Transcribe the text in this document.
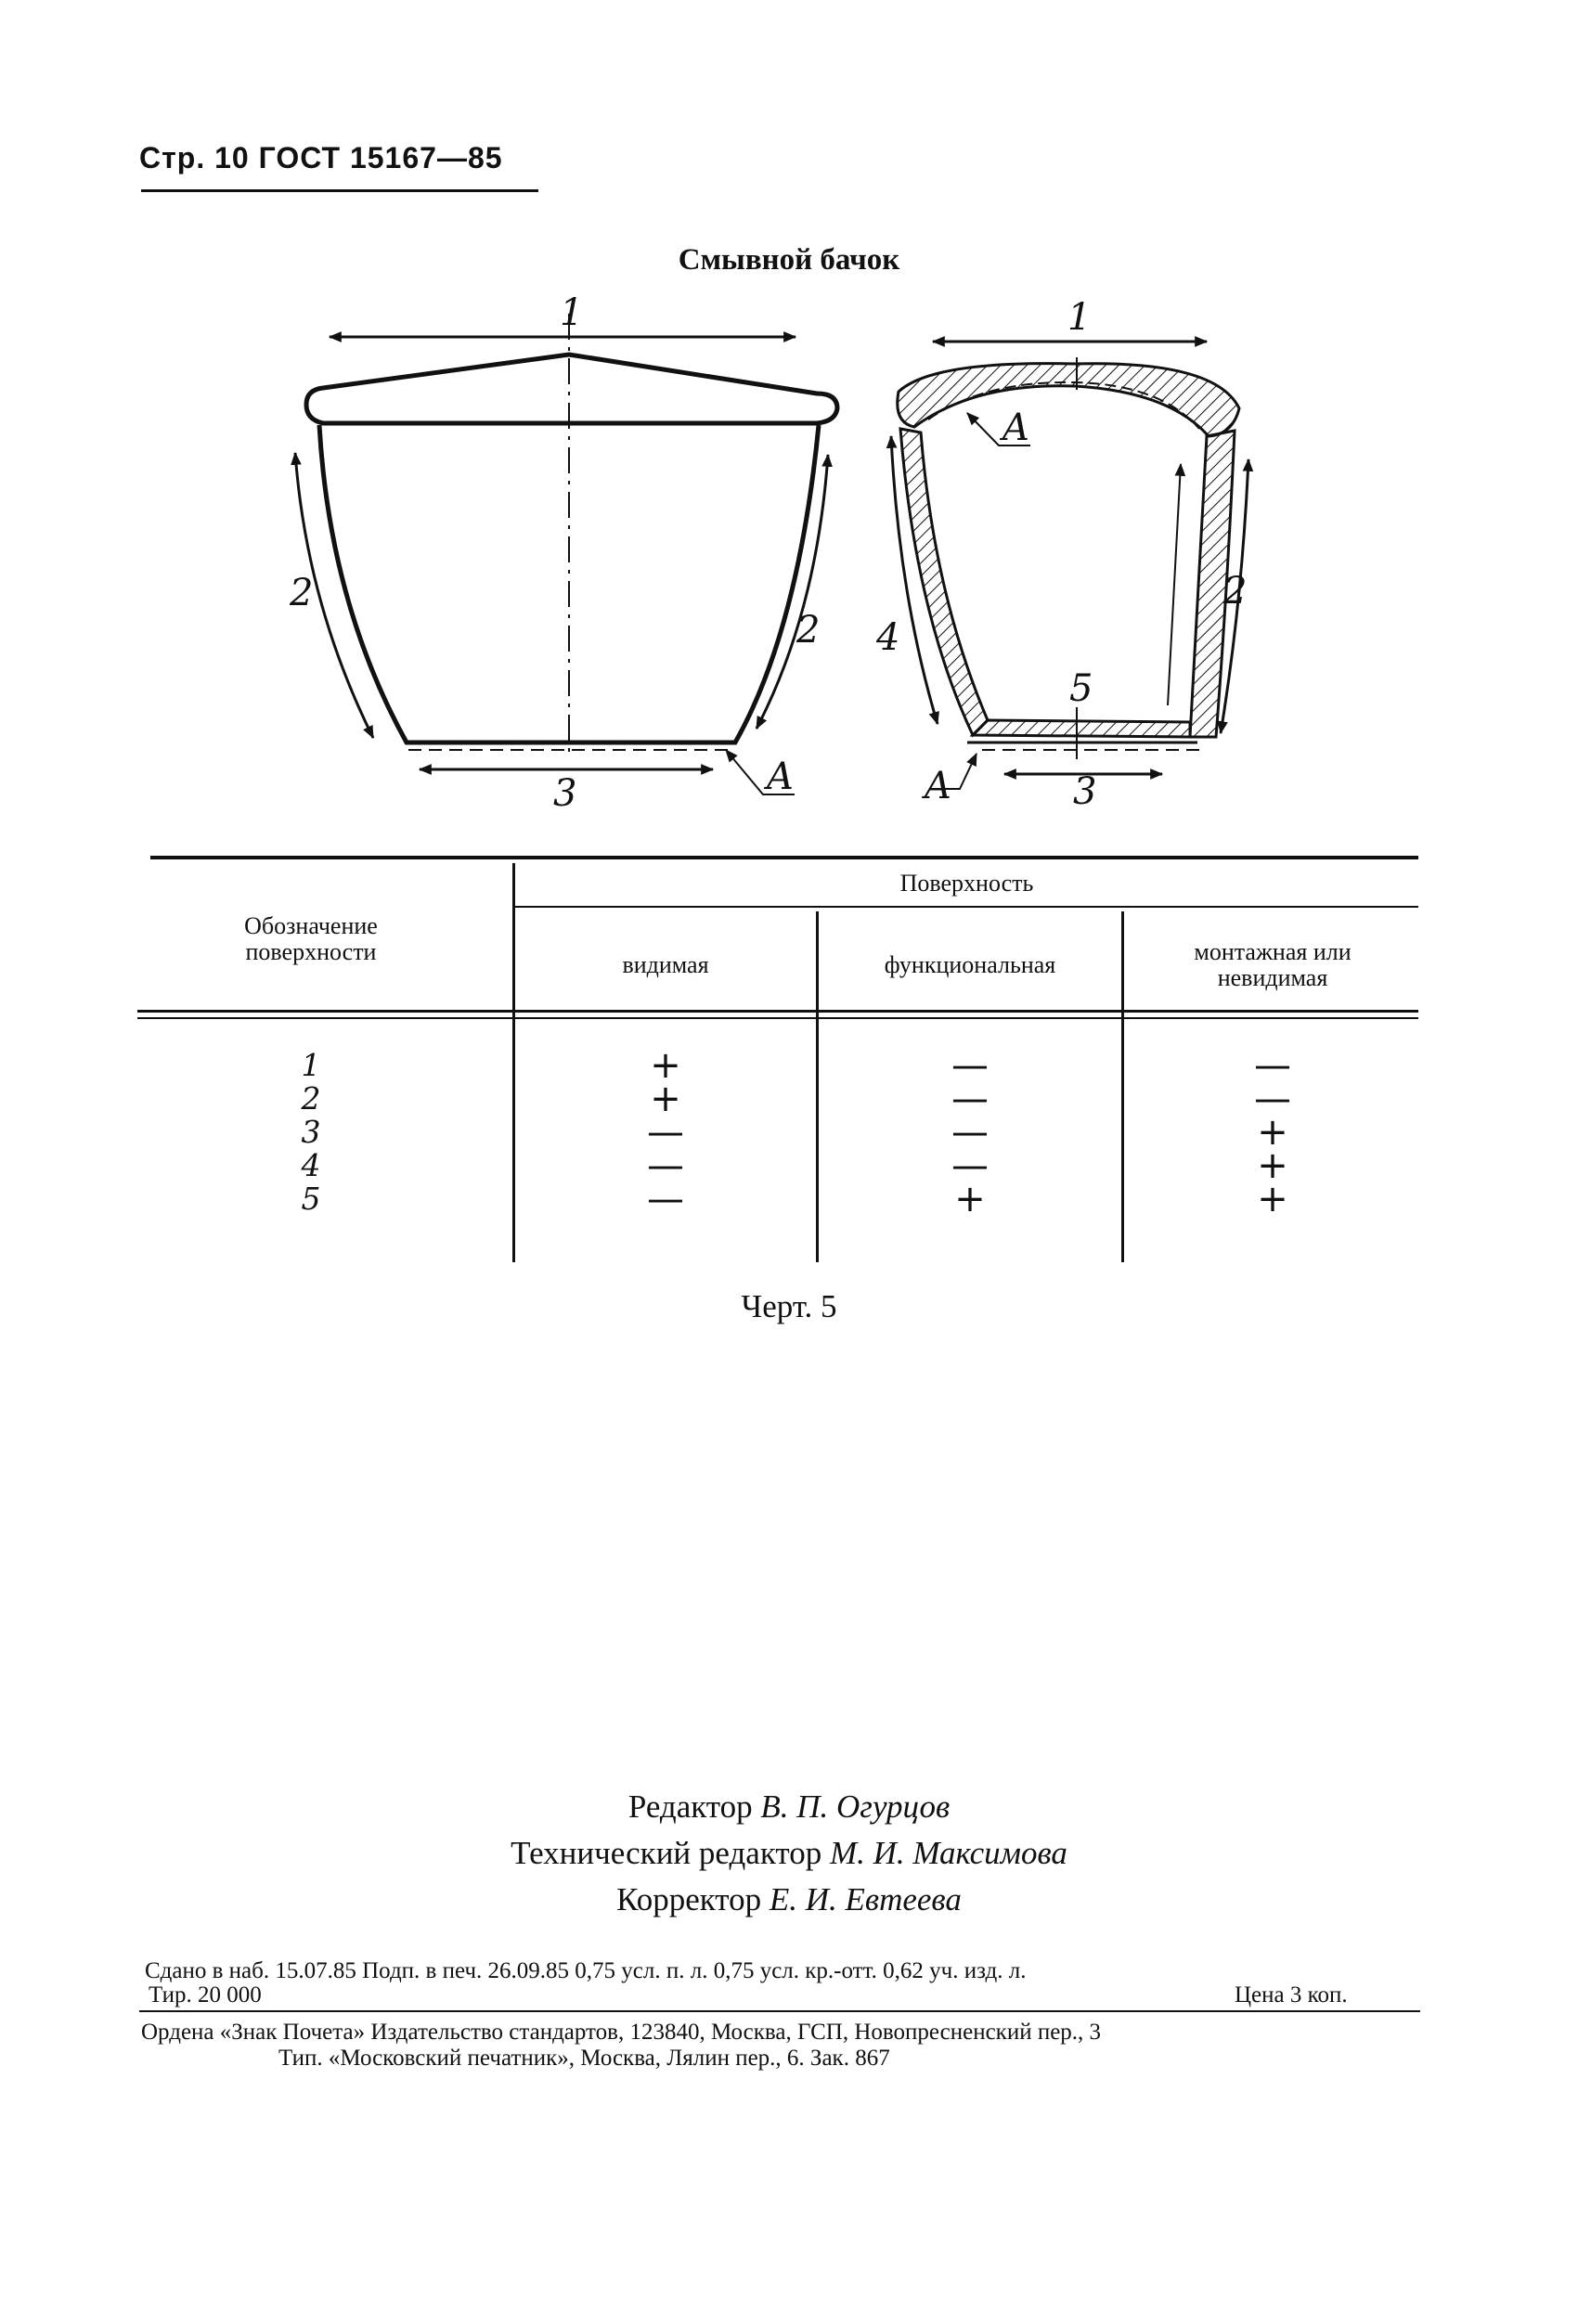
Стр. 10 ГОСТ 15167—85
Смывной бачок
1
2
2
3	A
1
A
2
4
5
A	3
Обозначение поверхности
Поверхность
видимая	функциональная	монтажная или невидимая
1	+	—	—
2	+	—	—
3	—	—	+
4	—	—	+
5	—	+	+
Черт. 5
Редактор В. П. Огурцов
Технический редактор М. И. Максимова
Корректор Е. И. Евтеева
Сдано в наб. 15.07.85 Подп. в печ. 26.09.85 0,75 усл. п. л. 0,75 усл. кр.-отт. 0,62 уч. изд. л.
Тир. 20 000	Цена 3 коп.
Ордена «Знак Почета» Издательство стандартов, 123840, Москва, ГСП, Новопресненский пер., 3
Тип. «Московский печатник», Москва, Лялин пер., 6. Зак. 867
